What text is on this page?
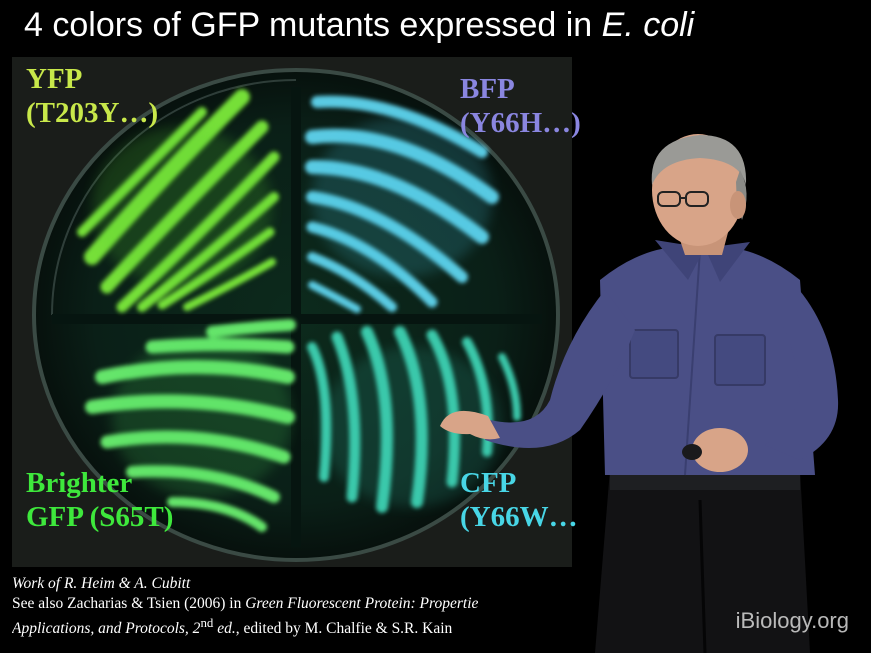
4 colors of GFP mutants expressed in E. coli
YFP
(T203Y…)
BFP
(Y66H…)
Brighter
GFP (S65T)
CFP
(Y66W…
Work of R. Heim & A. Cubitt
See also Zacharias & Tsien (2006) in Green Fluorescent Protein: Propertie
Applications, and Protocols, 2nd ed., edited by M. Chalfie & S.R. Kain	iBiology.org
